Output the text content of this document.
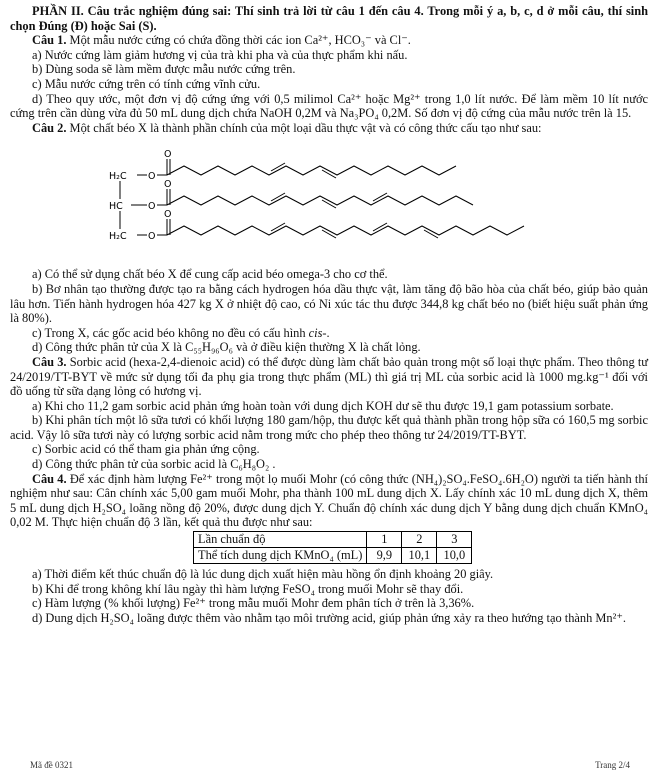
PHẦN II. Câu trắc nghiệm đúng sai: Thí sinh trả lời từ câu 1 đến câu 4. Trong mỗi ý a, b, c, d ở mỗi câu, thí sinh chọn Đúng (Đ) hoặc Sai (S).

Câu 1. Một mẫu nước cứng có chứa đồng thời các ion Ca²⁺, HCO₃⁻ và Cl⁻.

a) Nước cứng làm giảm hương vị của trà khi pha và của thực phẩm khi nấu.

b) Dùng soda sẽ làm mềm được mẫu nước cứng trên.

c) Mẫu nước cứng trên có tính cứng vĩnh cửu.

d) Theo quy ước, một đơn vị độ cứng ứng với 0,5 milimol Ca²⁺ hoặc Mg²⁺ trong 1,0 lít nước. Để làm mềm 10 lít nước cứng trên cần dùng vừa đủ 50 mL dung dịch chứa NaOH 0,2M và Na₃PO₄ 0,2M. Số đơn vị độ cứng của mẫu nước trên là 15.

Câu 2. Một chất béo X là thành phần chính của một loại dầu thực vật và có công thức cấu tạo như sau:

H₂C
HC
H₂C
O
O
O
O
O
O

a) Có thể sử dụng chất béo X để cung cấp acid béo omega-3 cho cơ thể.

b) Bơ nhân tạo thường được tạo ra bằng cách hydrogen hóa dầu thực vật, làm tăng độ bão hòa của chất béo, giúp bảo quản lâu hơn. Tiến hành hydrogen hóa 427 kg X ở nhiệt độ cao, có Ni xúc tác thu được 344,8 kg chất béo no (biết hiệu suất phản ứng là 80%).

c) Trong X, các gốc acid béo không no đều có cấu hình cis-.

d) Công thức phân tử của X là C₅₅H₉₆O₆ và ở điều kiện thường X là chất lỏng.

Câu 3. Sorbic acid (hexa-2,4-dienoic acid) có thể được dùng làm chất bảo quản trong một số loại thực phẩm. Theo thông tư 24/2019/TT-BYT về mức sử dụng tối đa phụ gia trong thực phẩm (ML) thì giá trị ML của sorbic acid là 1000 mg.kg⁻¹ đối với đồ uống từ sữa dạng lỏng có hương vị.

a) Khi cho 11,2 gam sorbic acid phản ứng hoàn toàn với dung dịch KOH dư sẽ thu được 19,1 gam potassium sorbate.

b) Khi phân tích một lô sữa tươi có khối lượng 180 gam/hộp, thu được kết quả thành phần trong hộp sữa có 160,5 mg sorbic acid. Vậy lô sữa tươi này có lượng sorbic acid nằm trong mức cho phép theo thông tư 24/2019/TT-BYT.

c) Sorbic acid có thể tham gia phản ứng cộng.

d) Công thức phân tử của sorbic acid là C₆H₈O₂ .

Câu 4. Để xác định hàm lượng Fe²⁺ trong một lọ muối Mohr (có công thức (NH₄)₂SO₄.FeSO₄.6H₂O) người ta tiến hành thí nghiệm như sau: Cân chính xác 5,00 gam muối Mohr, pha thành 100 mL dung dịch X. Lấy chính xác 10 mL dung dịch X, thêm 5 mL dung dịch H₂SO₄ loãng nồng độ 20%, được dung dịch Y. Chuẩn độ chính xác dung dịch Y bằng dung dịch chuẩn KMnO₄ 0,02 M. Thực hiện chuẩn độ 3 lần, kết quả thu được như sau:

Lần chuẩn độ	1	2	3
Thể tích dung dịch KMnO₄ (mL)	9,9	10,1	10,0

a) Thời điểm kết thúc chuẩn độ là lúc dung dịch xuất hiện màu hồng ổn định khoảng 20 giây.

b) Khi để trong không khí lâu ngày thì hàm lượng FeSO₄ trong muối Mohr sẽ thay đổi.

c) Hàm lượng (% khối lượng) Fe²⁺ trong mẫu muối Mohr đem phân tích ở trên là 3,36%.

d) Dung dịch H₂SO₄ loãng được thêm vào nhằm tạo môi trường acid, giúp phản ứng xảy ra theo hướng tạo thành Mn²⁺.

Mã đề 0321	Trang 2/4
